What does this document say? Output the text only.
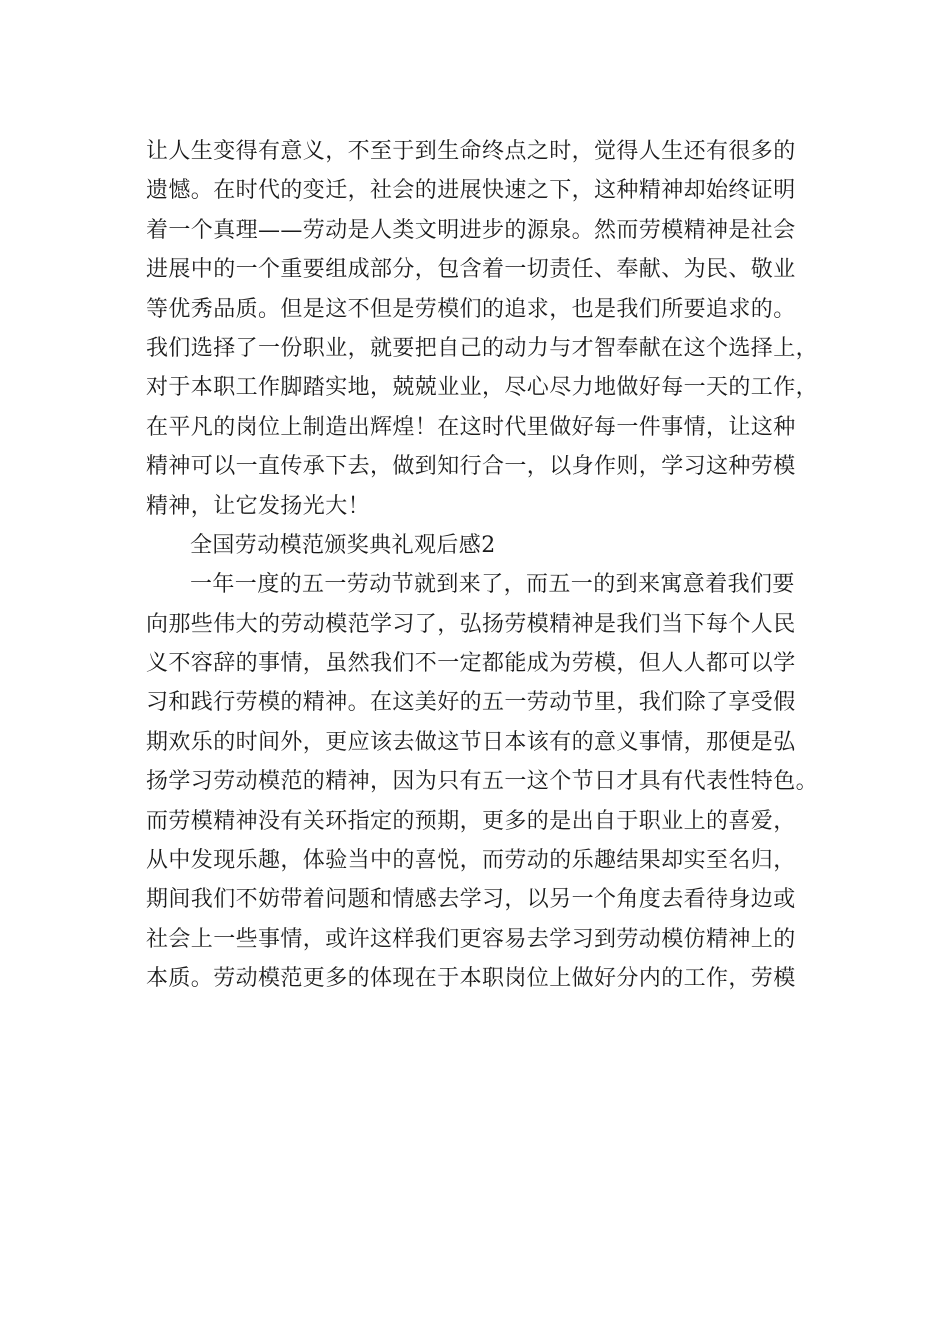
让人生变得有意义，不至于到生命终点之时，觉得人生还有很多的
遗憾。在时代的变迁，社会的进展快速之下，这种精神却始终证明
着一个真理——劳动是人类文明进步的源泉。然而劳模精神是社会
进展中的一个重要组成部分，包含着一切责任、奉献、为民、敬业
等优秀品质。但是这不但是劳模们的追求，也是我们所要追求的。
我们选择了一份职业，就要把自己的动力与才智奉献在这个选择上，
对于本职工作脚踏实地，兢兢业业，尽心尽力地做好每一天的工作，
在平凡的岗位上制造出辉煌！在这时代里做好每一件事情，让这种
精神可以一直传承下去，做到知行合一，以身作则，学习这种劳模
精神，让它发扬光大！
全国劳动模范颁奖典礼观后感2
一年一度的五一劳动节就到来了，而五一的到来寓意着我们要
向那些伟大的劳动模范学习了，弘扬劳模精神是我们当下每个人民
义不容辞的事情，虽然我们不一定都能成为劳模，但人人都可以学
习和践行劳模的精神。在这美好的五一劳动节里，我们除了享受假
期欢乐的时间外，更应该去做这节日本该有的意义事情，那便是弘
扬学习劳动模范的精神，因为只有五一这个节日才具有代表性特色。
而劳模精神没有关环指定的预期，更多的是出自于职业上的喜爱，
从中发现乐趣，体验当中的喜悦，而劳动的乐趣结果却实至名归，
期间我们不妨带着问题和情感去学习，以另一个角度去看待身边或
社会上一些事情，或许这样我们更容易去学习到劳动模仿精神上的
本质。劳动模范更多的体现在于本职岗位上做好分内的工作，劳模
